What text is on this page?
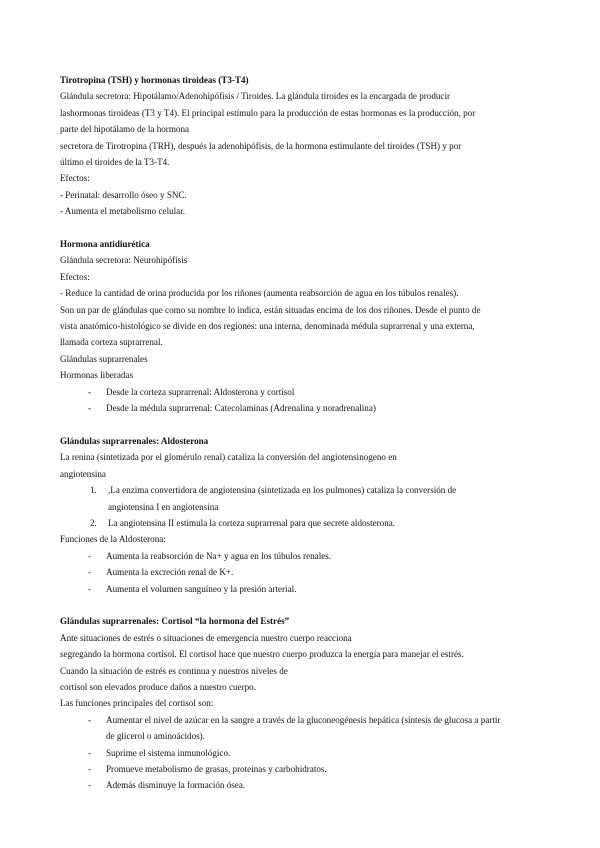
Tirotropina (TSH) y hormonas tiroideas (T3-T4)
Glándula secretora: Hipotálamo/Adenohipófisis / Tiroides. La glándula tiroides es la encargada de producir
lashormonas tiroideas (T3 y T4). El principal estímulo para la producción de estas hormonas es la producción, por
parte del hipotálamo de la hormona
secretora de Tirotropina (TRH), después la adenohipófisis, de la hormona estimulante del tiroides (TSH) y por
último el tiroides de la T3-T4.
Efectos:
- Perinatal: desarrollo óseo y SNC.
- Aumenta el metabolismo celular.
Hormona antidiurética
Glándula secretora: Neurohipófisis
Efectos:
- Reduce la cantidad de orina producida por los riñones (aumenta reabsorción de agua en los túbulos renales).
Son un par de glándulas que como su nombre lo indica, están situadas encima de los dos riñones. Desde el punto de
vista anatómico-histológico se divide en dos regiones: una interna, denominada médula suprarrenal y una externa,
llamada corteza suprarrenal.
Glándulas suprarrenales
Hormonas liberadas

- Desde la corteza suprarrenal: Aldosterona y cortisol

- Desde la médula suprarrenal: Catecolaminas (Adrenalina y noradrenalina)
Glándulas suprarrenales: Aldosterona
La renina (sintetizada por el glomérulo renal) cataliza la conversión del angiotensinogeno en
angiotensina
1. ,La enzima convertidora de angiotensina (sintetizada en los pulmones) cataliza la conversión de
angiotensina I en angiotensina

2. La angiotensina II estimula la corteza suprarrenal para que secrete aldosterona.
Funciones de la Aldosterona:

- Aumenta la reabsorción de Na+ y agua en los túbulos renales.

- Aumenta la excreción renal de K+.

- Aumenta el volumen sanguíneo y la presión arterial.
Glándulas suprarrenales: Cortisol “la hormona del Estrés”
Ante situaciones de estrés o situaciones de emergencia nuestro cuerpo reacciona
segregando la hormona cortisol. El cortisol hace que nuestro cuerpo produzca la energía para manejar el estrés.
Cuando la situación de estrés es continua y nuestros niveles de
cortisol son elevados produce daños a nuestro cuerpo.
Las funciones principales del cortisol son:
- Aumentar el nivel de azúcar en la sangre a través de la gluconeogénesis hepática (síntesis de glucosa a partir
de glicerol o aminoácidos).

- Suprime el sistema inmunológico.

- Promueve metabolismo de grasas, proteínas y carbohidratos.

- Además disminuye la formación ósea.
